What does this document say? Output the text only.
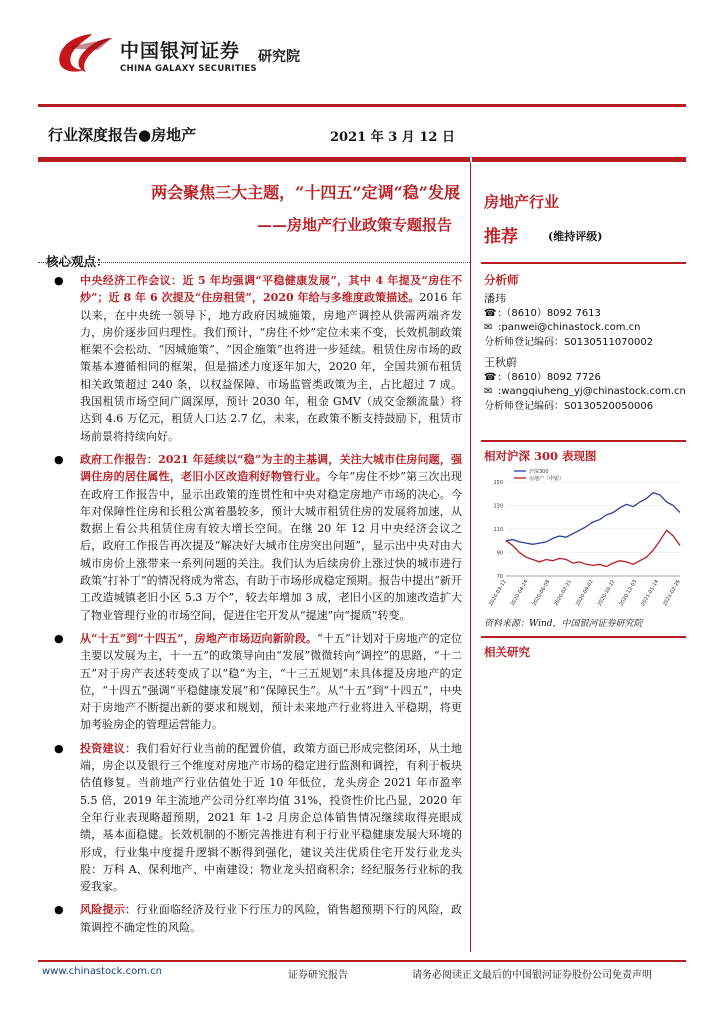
中国银河证券
CHINA GALAXY SECURITIES
研究院
行业深度报告●房地产	2021 年 3 月 12 日
两会聚焦三大主题，“十四五”定调“稳”发展
——房地产行业政策专题报告
核心观点：
●	中央经济工作会议：近 5 年均强调“平稳健康发展”，其中 4 年提及“房住不炒”；近 8 年 6 次提及“住房租赁”，2020 年给与多维度政策描述。2016 年以来，在中央统一领导下，地方政府因城施策，房地产调控从供需两端齐发力，房价逐步回归理性。我们预计，“房住不炒”定位未来不变，长效机制政策框架不会松动、“因城施策”、“因企施策”也将进一步延续。租赁住房市场的政策基本遵循相同的框架，但是描述力度逐年加大，2020 年，全国共颁布租赁相关政策超过 240 条，以权益保障、市场监管类政策为主，占比超过 7 成。我国租赁市场空间广阔深厚，预计 2030 年，租金 GMV（成交金额流量）将达到 4.6 万亿元，租赁人口达 2.7 亿，未来，在政策不断支持鼓励下，租赁市场前景将持续向好。
●	政府工作报告：2021 年延续以“稳”为主的主基调，关注大城市住房问题，强调住房的居住属性，老旧小区改造利好物管行业。今年“房住不炒”第三次出现在政府工作报告中，显示出政策的连贯性和中央对稳定房地产市场的决心。今年对保障性住房和长租公寓着墨较多，预计大城市租赁住房的发展将加速，从数据上看公共租赁住房有较大增长空间。在继 20 年 12 月中央经济会议之后，政府工作报告再次提及“解决好大城市住房突出问题”，显示出中央对由大城市房价上涨带来一系列问题的关注。我们认为后续房价上涨过快的城市进行政策“打补丁”的情况将成为常态，有助于市场形成稳定预期。报告中提出“新开工改造城镇老旧小区 5.3 万个”，较去年增加 3 成，老旧小区的加速改造扩大了物业管理行业的市场空间，促进住宅开发从“提速”向“提质”转变。
●	从“十五”到“十四五”，房地产市场迈向新阶段。“十五”计划对于房地产的定位主要以发展为主，十一五”的政策导向由“发展”微微转向“调控”的思路，“十二五”对于房产表述转变成了以“稳”为主，“十三五规划”未具体提及房地产的定位，“十四五”强调“平稳健康发展”和“保障民生”。从“十五”到“十四五”，中央对于房地产不断提出新的要求和规划，预计未来地产行业将进入平稳期，将更加考验房企的管理运营能力。
●	投资建议：我们看好行业当前的配置价值，政策方面已形成完整闭环，从土地端，房企以及银行三个维度对房地产市场的稳定进行监测和调控，有利于板块估值修复。当前地产行业估值处于近 10 年低位，龙头房企 2021 年市盈率 5.5 倍，2019 年主流地产公司分红率均值 31%，投资性价比凸显，2020 年全年行业表现略超预期，2021 年 1-2 月房企总体销售情况继续取得亮眼成绩，基本面稳健。长效机制的不断完善推进有利于行业平稳健康发展大环境的形成，行业集中度提升逻辑不断得到强化，建议关注优质住宅开发行业龙头股：万科 A、保利地产、中南建设；物业龙头招商积余；经纪服务行业标的我爱我家。
●	风险提示：行业面临经济及行业下行压力的风险，销售超预期下行的风险，政策调控不确定性的风险。
房地产行业
推荐	(维持评级)
分析师
潘玮
☎ :（8610）8092 7613
✉ :panwei@chinastock.com.cn
分析师登记编码：S0130511070002
王秋蔚
☎ :（8610）8092 7726
✉ :wangqiuheng_yj@chinastock.com.cn
分析师登记编码：S0130520050006
相对沪深 300 表现图
70
90
110
130
150
沪深300
房地产（申银）
2020-03-12 2020-04-24 2020-06-08 2020-07-21 2020-09-02 2020-10-22 2020-12-03 2021-01-14 2021-02-26
资料来源：Wind，中国银河证券研究院
相关研究
www.chinastock.com.cn	证券研究报告	请务必阅读正文最后的中国银河证券股份公司免责声明
